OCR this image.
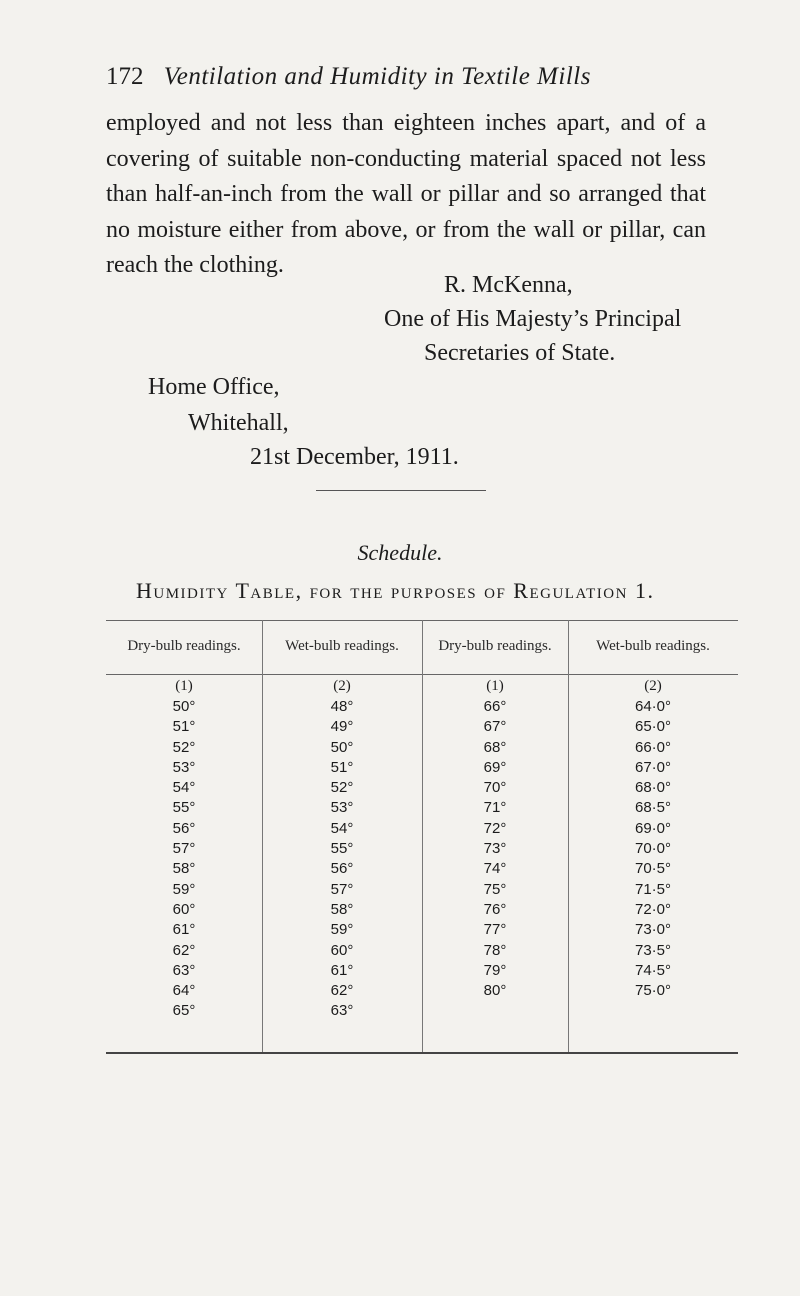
172 Ventilation and Humidity in Textile Mills

employed and not less than eighteen inches apart, and of a covering of suitable non-conducting material spaced not less than half-an-inch from the wall or pillar and so arranged that no moisture either from above, or from the wall or pillar, can reach the clothing.

R. McKenna,
One of His Majesty’s Principal
Secretaries of State.
Home Office,
Whitehall,
21st December, 1911.
Schedule.
Humidity Table, for the purposes of Regulation 1.
Dry-bulb readings.
(1)
50°
51°
52°
53°
54°
55°
56°
57°
58°
59°
60°
61°
62°
63°
64°
65°
Wet-bulb readings.
(2)
48°
49°
50°
51°
52°
53°
54°
55°
56°
57°
58°
59°
60°
61°
62°
63°
Dry-bulb readings.
(1)
66°
67°
68°
69°
70°
71°
72°
73°
74°
75°
76°
77°
78°
79°
80°
Wet-bulb readings.
(2)
64·0°
65·0°
66·0°
67·0°
68·0°
68·5°
69·0°
70·0°
70·5°
71·5°
72·0°
73·0°
73·5°
74·5°
75·0°
